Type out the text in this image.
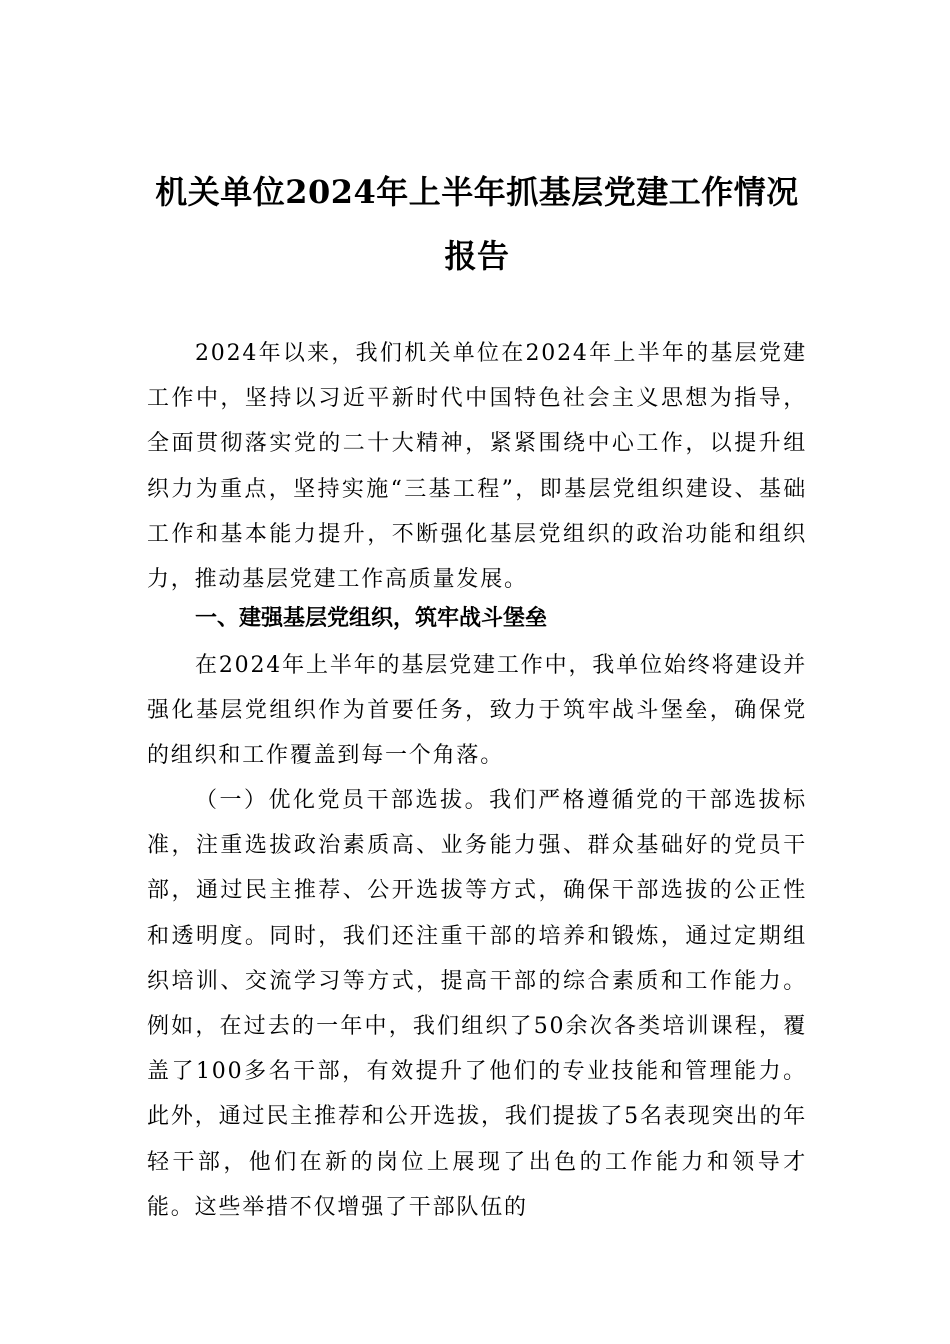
机关单位2024年上半年抓基层党建工作情况报告
2024年以来，我们机关单位在2024年上半年的基层党建工作中，坚持以习近平新时代中国特色社会主义思想为指导，全面贯彻落实党的二十大精神，紧紧围绕中心工作，以提升组织力为重点，坚持实施“三基工程”，即基层党组织建设、基础工作和基本能力提升，不断强化基层党组织的政治功能和组织力，推动基层党建工作高质量发展。
一、建强基层党组织，筑牢战斗堡垒
在2024年上半年的基层党建工作中，我单位始终将建设并强化基层党组织作为首要任务，致力于筑牢战斗堡垒，确保党的组织和工作覆盖到每一个角落。
（一）优化党员干部选拔。我们严格遵循党的干部选拔标准，注重选拔政治素质高、业务能力强、群众基础好的党员干部，通过民主推荐、公开选拔等方式，确保干部选拔的公正性和透明度。同时，我们还注重干部的培养和锻炼，通过定期组织培训、交流学习等方式，提高干部的综合素质和工作能力。例如，在过去的一年中，我们组织了50余次各类培训课程，覆盖了100多名干部，有效提升了他们的专业技能和管理能力。此外，通过民主推荐和公开选拔，我们提拔了5名表现突出的年轻干部，他们在新的岗位上展现了出色的工作能力和领导才能。这些举措不仅增强了干部队伍的
